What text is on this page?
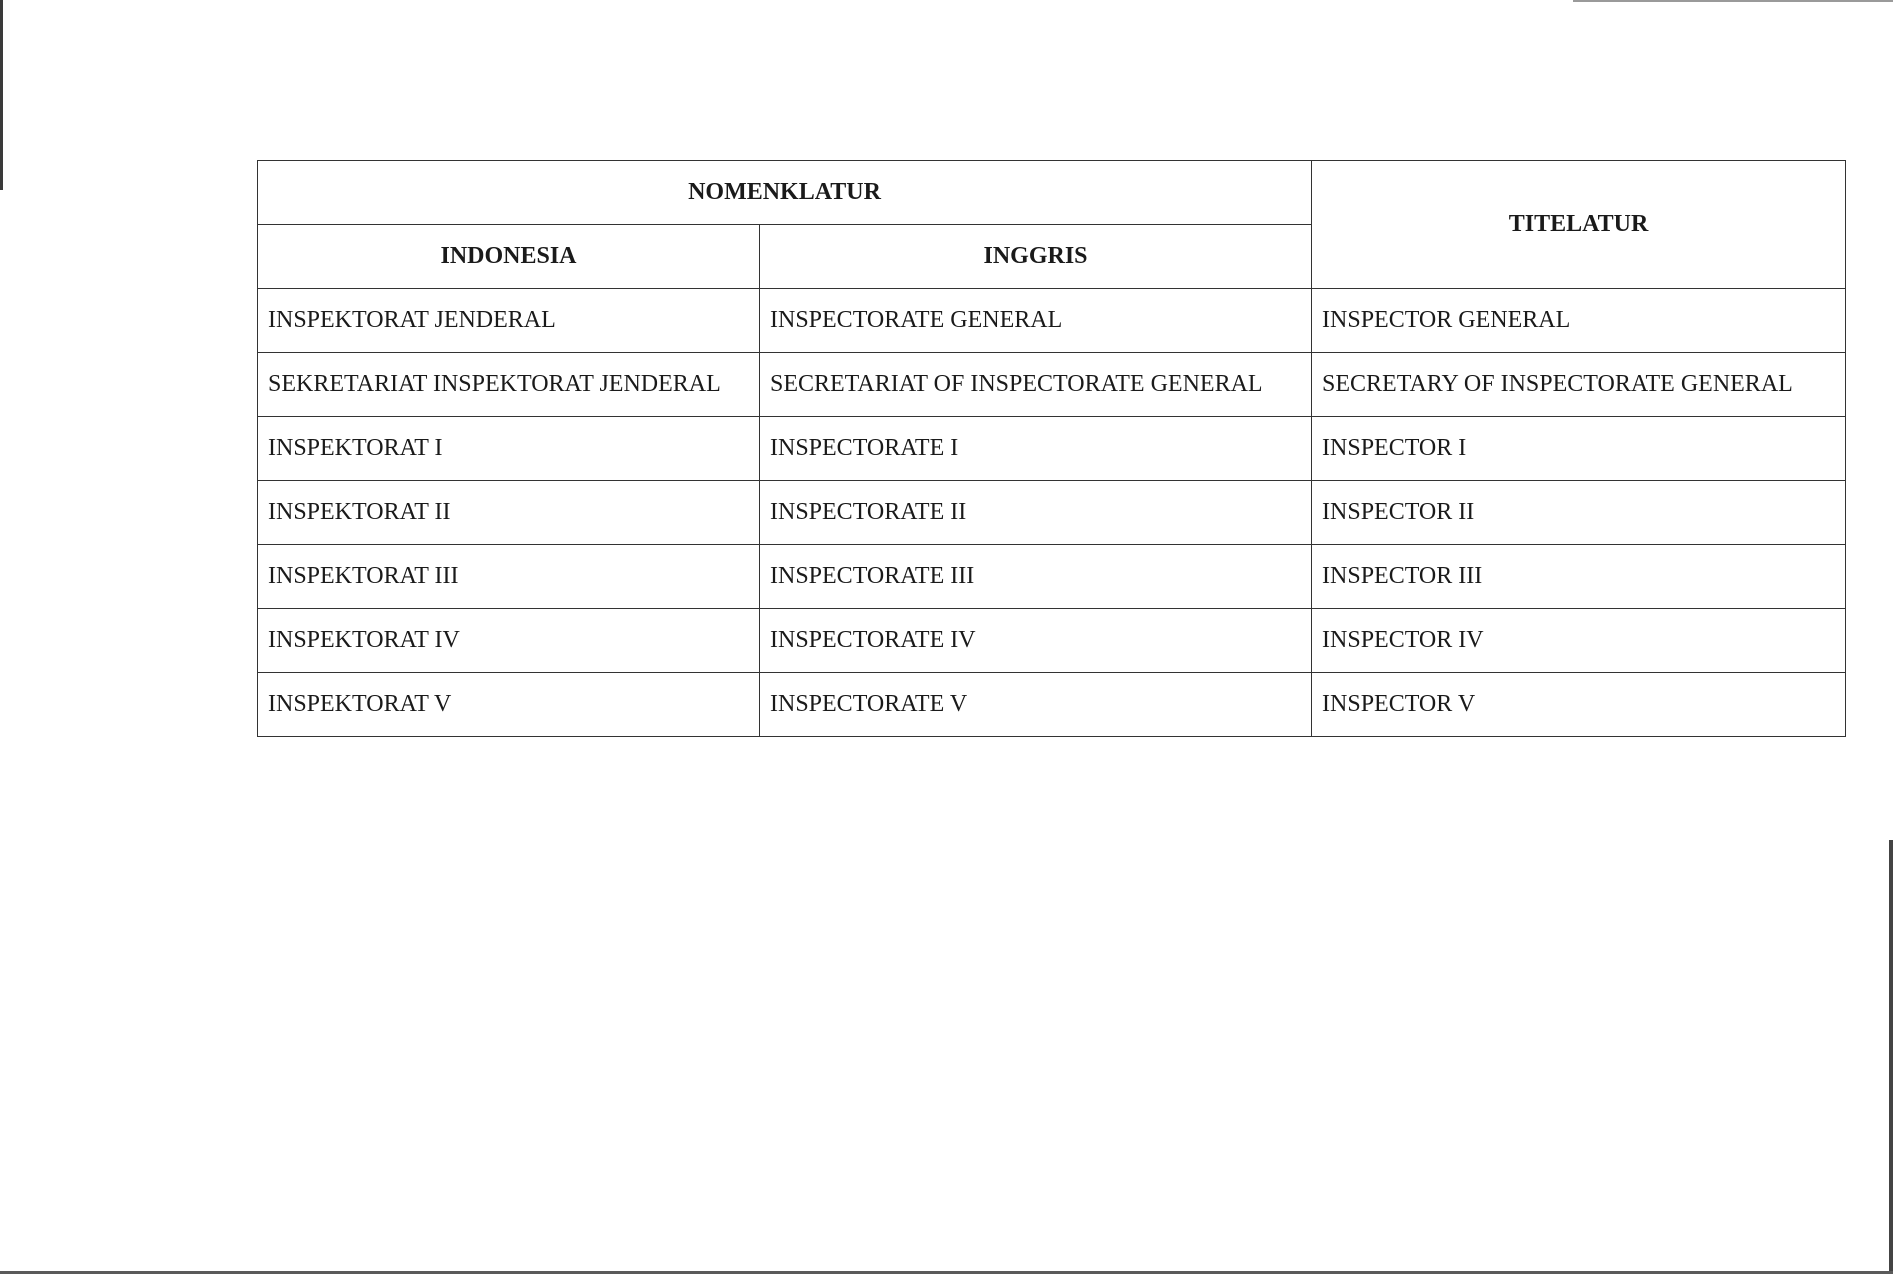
NOMENKLATUR		TITELATUR
INDONESIA	INGGRIS	
INSPEKTORAT JENDERAL	INSPECTORATE GENERAL	INSPECTOR GENERAL
SEKRETARIAT INSPEKTORAT JENDERAL	SECRETARIAT OF INSPECTORATE GENERAL	SECRETARY OF INSPECTORATE GENERAL
INSPEKTORAT I	INSPECTORATE I	INSPECTOR I
INSPEKTORAT II	INSPECTORATE II	INSPECTOR II
INSPEKTORAT III	INSPECTORATE III	INSPECTOR III
INSPEKTORAT IV	INSPECTORATE IV	INSPECTOR IV
INSPEKTORAT V	INSPECTORATE V	INSPECTOR V
